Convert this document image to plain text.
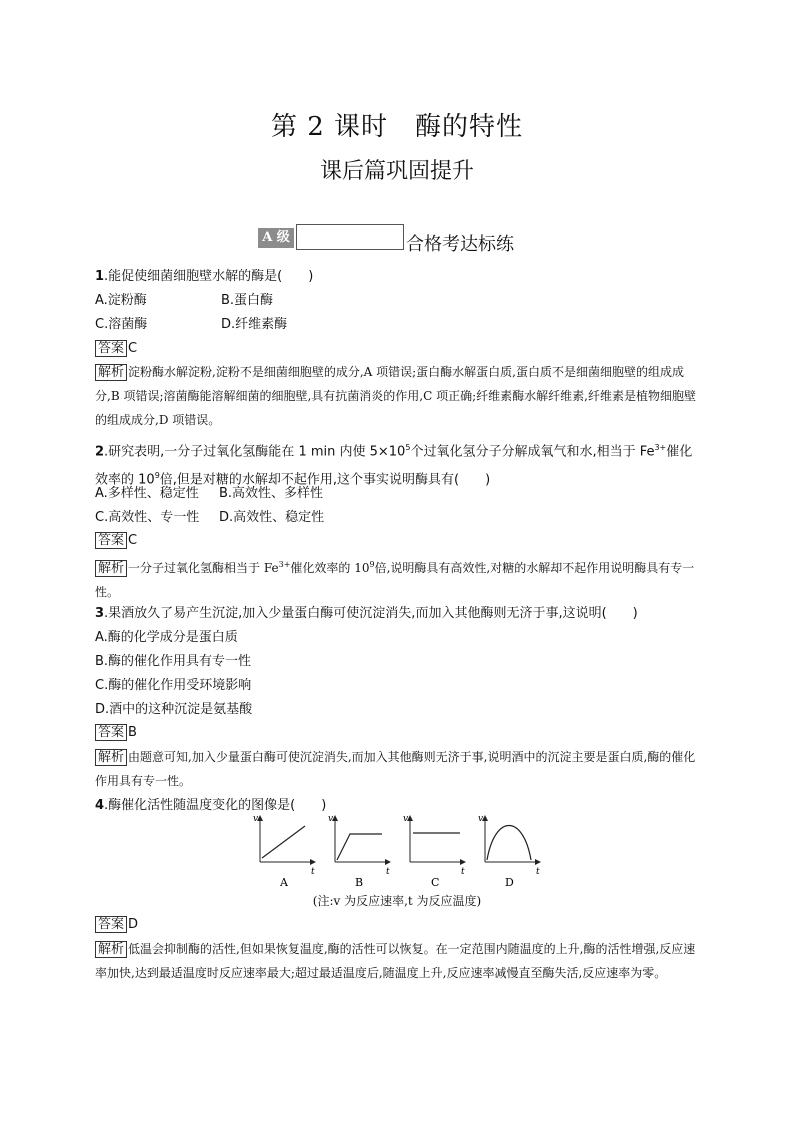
第 2 课时　酶的特性
课后篇巩固提升
A 级	合格考达标练
1.能促使细菌细胞壁水解的酶是(　　)
A.淀粉酶	B.蛋白酶
C.溶菌酶	D.纤维素酶
答案 C
解析 淀粉酶水解淀粉,淀粉不是细菌细胞壁的成分,A 项错误;蛋白酶水解蛋白质,蛋白质不是细菌细胞壁的组成成分,B 项错误;溶菌酶能溶解细菌的细胞壁,具有抗菌消炎的作用,C 项正确;纤维素酶水解纤维素,纤维素是植物细胞壁的组成成分,D 项错误。
2.研究表明,一分子过氧化氢酶能在 1 min 内使 $5\times 10^5$个过氧化氢分子分解成氧气和水,相当于 $Fe^{3+}$催化效率的 $10^9$倍,但是对糖的水解却不起作用,这个事实说明酶具有(　　)
A.多样性、稳定性 B.高效性、多样性
C.高效性、专一性 D.高效性、稳定性
答案 C
解析 一分子过氧化氢酶相当于 $Fe^{3+}$催化效率的 $10^9$倍,说明酶具有高效性,对糖的水解却不起作用说明酶具有专一性。
3.果酒放久了易产生沉淀,加入少量蛋白酶可使沉淀消失,而加入其他酶则无济于事,这说明(　　)
A.酶的化学成分是蛋白质
B.酶的催化作用具有专一性
C.酶的催化作用受环境影响
D.酒中的这种沉淀是氨基酸
答案 B
解析 由题意可知,加入少量蛋白酶可使沉淀消失,而加入其他酶则无济于事,说明酒中的沉淀主要是蛋白质,酶的催化作用具有专一性。
4.酶催化活性随温度变化的图像是(　　)
v
t
A
v
t
B
v
t
C
v
t
D
(注:v 为反应速率,t 为反应温度)
答案 D
解析 低温会抑制酶的活性,但如果恢复温度,酶的活性可以恢复。在一定范围内随温度的上升,酶的活性增强,反应速率加快,达到最适温度时反应速率最大;超过最适温度后,随温度上升,反应速率减慢直至酶失活,反应速率为零。
